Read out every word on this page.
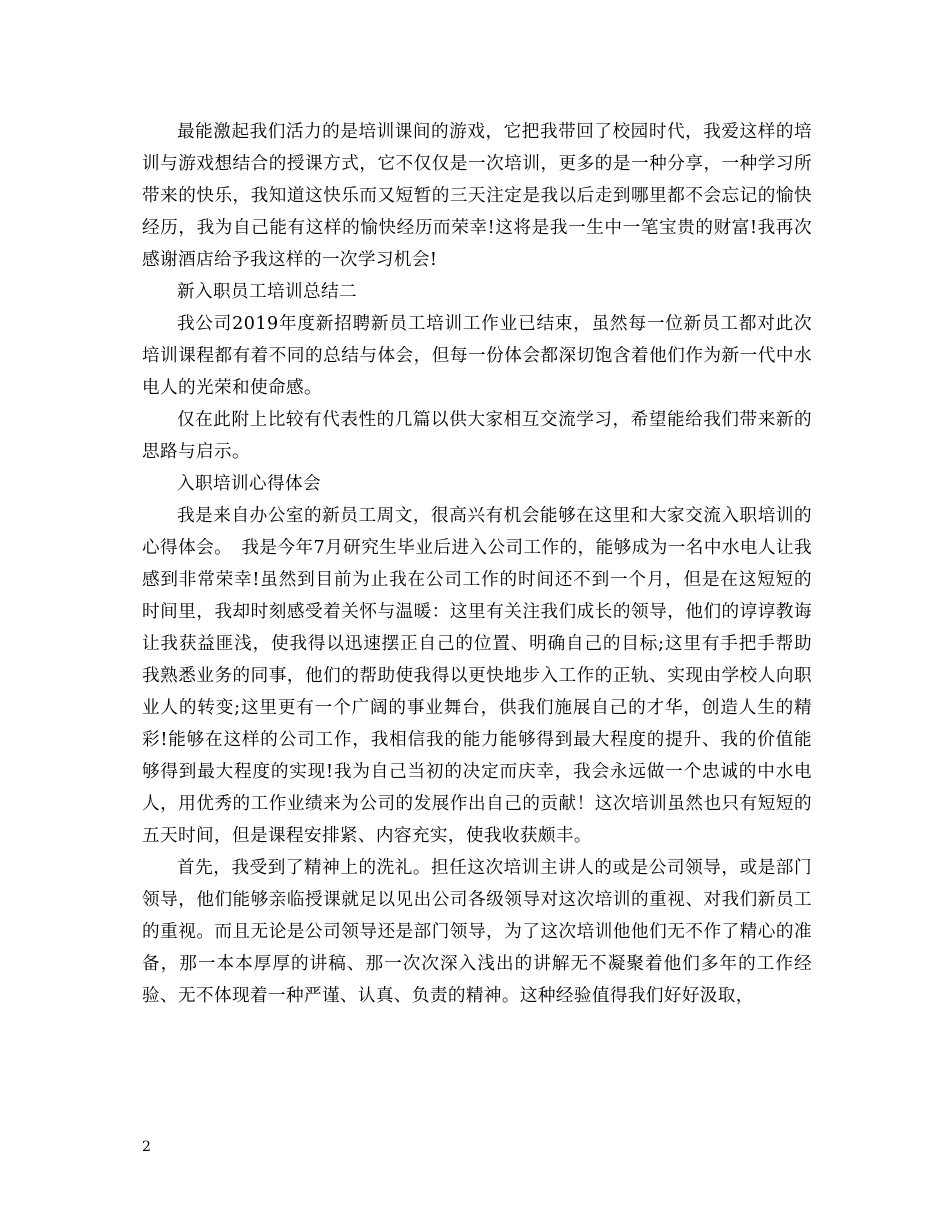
最能激起我们活力的是培训课间的游戏，它把我带回了校园时代，我爱这样的培训与游戏想结合的授课方式，它不仅仅是一次培训，更多的是一种分享，一种学习所带来的快乐，我知道这快乐而又短暂的三天注定是我以后走到哪里都不会忘记的愉快经历，我为自己能有这样的愉快经历而荣幸!这将是我一生中一笔宝贵的财富!我再次感谢酒店给予我这样的一次学习机会!

新入职员工培训总结二

我公司2019年度新招聘新员工培训工作业已结束，虽然每一位新员工都对此次培训课程都有着不同的总结与体会，但每一份体会都深切饱含着他们作为新一代中水电人的光荣和使命感。

仅在此附上比较有代表性的几篇以供大家相互交流学习，希望能给我们带来新的思路与启示。

入职培训心得体会

我是来自办公室的新员工周文，很高兴有机会能够在这里和大家交流入职培训的心得体会。　我是今年7月研究生毕业后进入公司工作的，能够成为一名中水电人让我感到非常荣幸!虽然到目前为止我在公司工作的时间还不到一个月，但是在这短短的时间里，我却时刻感受着关怀与温暖：这里有关注我们成长的领导，他们的谆谆教诲让我获益匪浅，使我得以迅速摆正自己的位置、明确自己的目标;这里有手把手帮助我熟悉业务的同事，他们的帮助使我得以更快地步入工作的正轨、实现由学校人向职业人的转变;这里更有一个广阔的事业舞台，供我们施展自己的才华，创造人生的精彩!能够在这样的公司工作，我相信我的能力能够得到最大程度的提升、我的价值能够得到最大程度的实现!我为自己当初的决定而庆幸，我会永远做一个忠诚的中水电人，用优秀的工作业绩来为公司的发展作出自己的贡献！这次培训虽然也只有短短的五天时间，但是课程安排紧、内容充实，使我收获颇丰。

首先，我受到了精神上的洗礼。担任这次培训主讲人的或是公司领导，或是部门领导，他们能够亲临授课就足以见出公司各级领导对这次培训的重视、对我们新员工的重视。而且无论是公司领导还是部门领导，为了这次培训他他们无不作了精心的准备，那一本本厚厚的讲稿、那一次次深入浅出的讲解无不凝聚着他们多年的工作经验、无不体现着一种严谨、认真、负责的精神。这种经验值得我们好好汲取，

2
